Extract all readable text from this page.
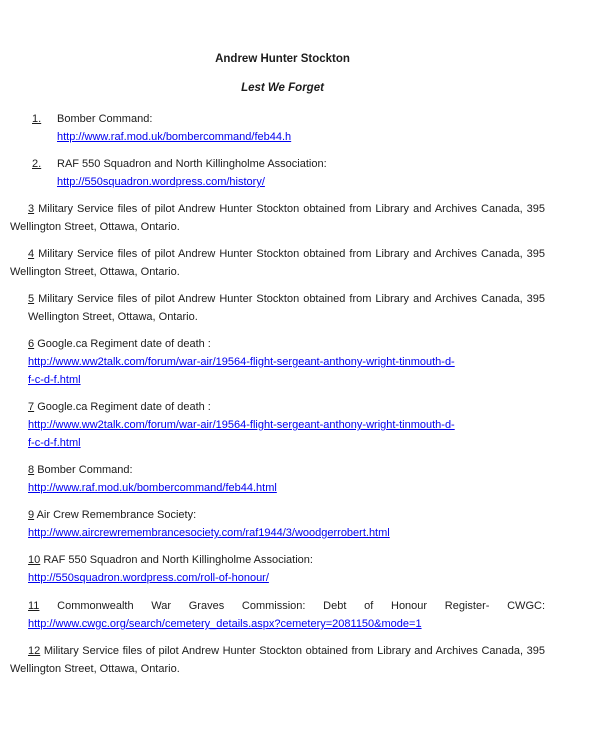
Andrew Hunter Stockton
Lest We Forget
1. Bomber Command:
http://www.raf.mod.uk/bombercommand/feb44.h
2. RAF 550 Squadron and North Killingholme Association:
http://550squadron.wordpress.com/history/
3 Military Service files of pilot Andrew Hunter Stockton obtained from Library and Archives Canada, 395 Wellington Street, Ottawa, Ontario.
4 Military Service files of pilot Andrew Hunter Stockton obtained from Library and Archives Canada, 395 Wellington Street, Ottawa, Ontario.
5 Military Service files of pilot Andrew Hunter Stockton obtained from Library and Archives Canada, 395 Wellington Street, Ottawa, Ontario.
6 Google.ca Regiment date of death :
http://www.ww2talk.com/forum/war-air/19564-flight-sergeant-anthony-wright-tinmouth-d-
f-c-d-f.html
7 Google.ca Regiment date of death :
http://www.ww2talk.com/forum/war-air/19564-flight-sergeant-anthony-wright-tinmouth-d-
f-c-d-f.html
8 Bomber Command:
http://www.raf.mod.uk/bombercommand/feb44.html
9 Air Crew Remembrance Society:
http://www.aircrewremembrancesociety.com/raf1944/3/woodgerrobert.html
10 RAF 550 Squadron and North Killingholme Association:
http://550squadron.wordpress.com/roll-of-honour/
11 Commonwealth War Graves Commission: Debt of Honour Register- CWGC:
http://www.cwgc.org/search/cemetery_details.aspx?cemetery=2081150&mode=1
12 Military Service files of pilot Andrew Hunter Stockton obtained from Library and Archives Canada, 395 Wellington Street, Ottawa, Ontario.
